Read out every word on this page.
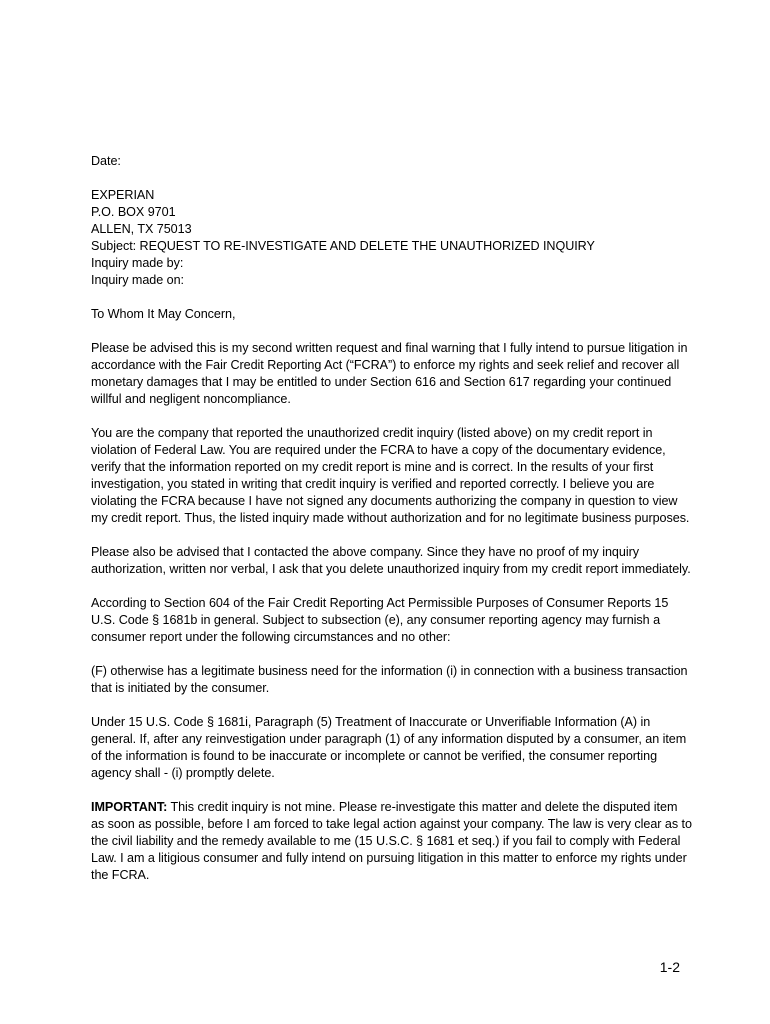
Date:

EXPERIAN

P.O. BOX 9701

ALLEN, TX 75013

Subject: REQUEST TO RE-INVESTIGATE AND DELETE THE UNAUTHORIZED INQUIRY

Inquiry made by:

Inquiry made on:

To Whom It May Concern,

Please be advised this is my second written request and final warning that I fully intend to pursue litigation in accordance with the Fair Credit Reporting Act (“FCRA”) to enforce my rights and seek relief and recover all monetary damages that I may be entitled to under Section 616 and Section 617 regarding your continued willful and negligent noncompliance.

You are the company that reported the unauthorized credit inquiry (listed above) on my credit report in violation of Federal Law. You are required under the FCRA to have a copy of the documentary evidence, verify that the information reported on my credit report is mine and is correct. In the results of your first investigation, you stated in writing that credit inquiry is verified and reported correctly. I believe you are violating the FCRA because I have not signed any documents authorizing the company in question to view my credit report. Thus, the listed inquiry made without authorization and for no legitimate business purposes.

Please also be advised that I contacted the above company. Since they have no proof of my inquiry authorization, written nor verbal, I ask that you delete unauthorized inquiry from my credit report immediately.

According to Section 604 of the Fair Credit Reporting Act Permissible Purposes of Consumer Reports 15 U.S. Code § 1681b in general. Subject to subsection (e), any consumer reporting agency may furnish a consumer report under the following circumstances and no other:

(F) otherwise has a legitimate business need for the information (i) in connection with a business transaction that is initiated by the consumer.

Under 15 U.S. Code § 1681i, Paragraph (5) Treatment of Inaccurate or Unverifiable Information (A) in general. If, after any reinvestigation under paragraph (1) of any information disputed by a consumer, an item of the information is found to be inaccurate or incomplete or cannot be verified, the consumer reporting agency shall - (i) promptly delete.

IMPORTANT: This credit inquiry is not mine. Please re-investigate this matter and delete the disputed item as soon as possible, before I am forced to take legal action against your company. The law is very clear as to the civil liability and the remedy available to me (15 U.S.C. § 1681 et seq.) if you fail to comply with Federal Law. I am a litigious consumer and fully intend on pursuing litigation in this matter to enforce my rights under the FCRA.

1-2
